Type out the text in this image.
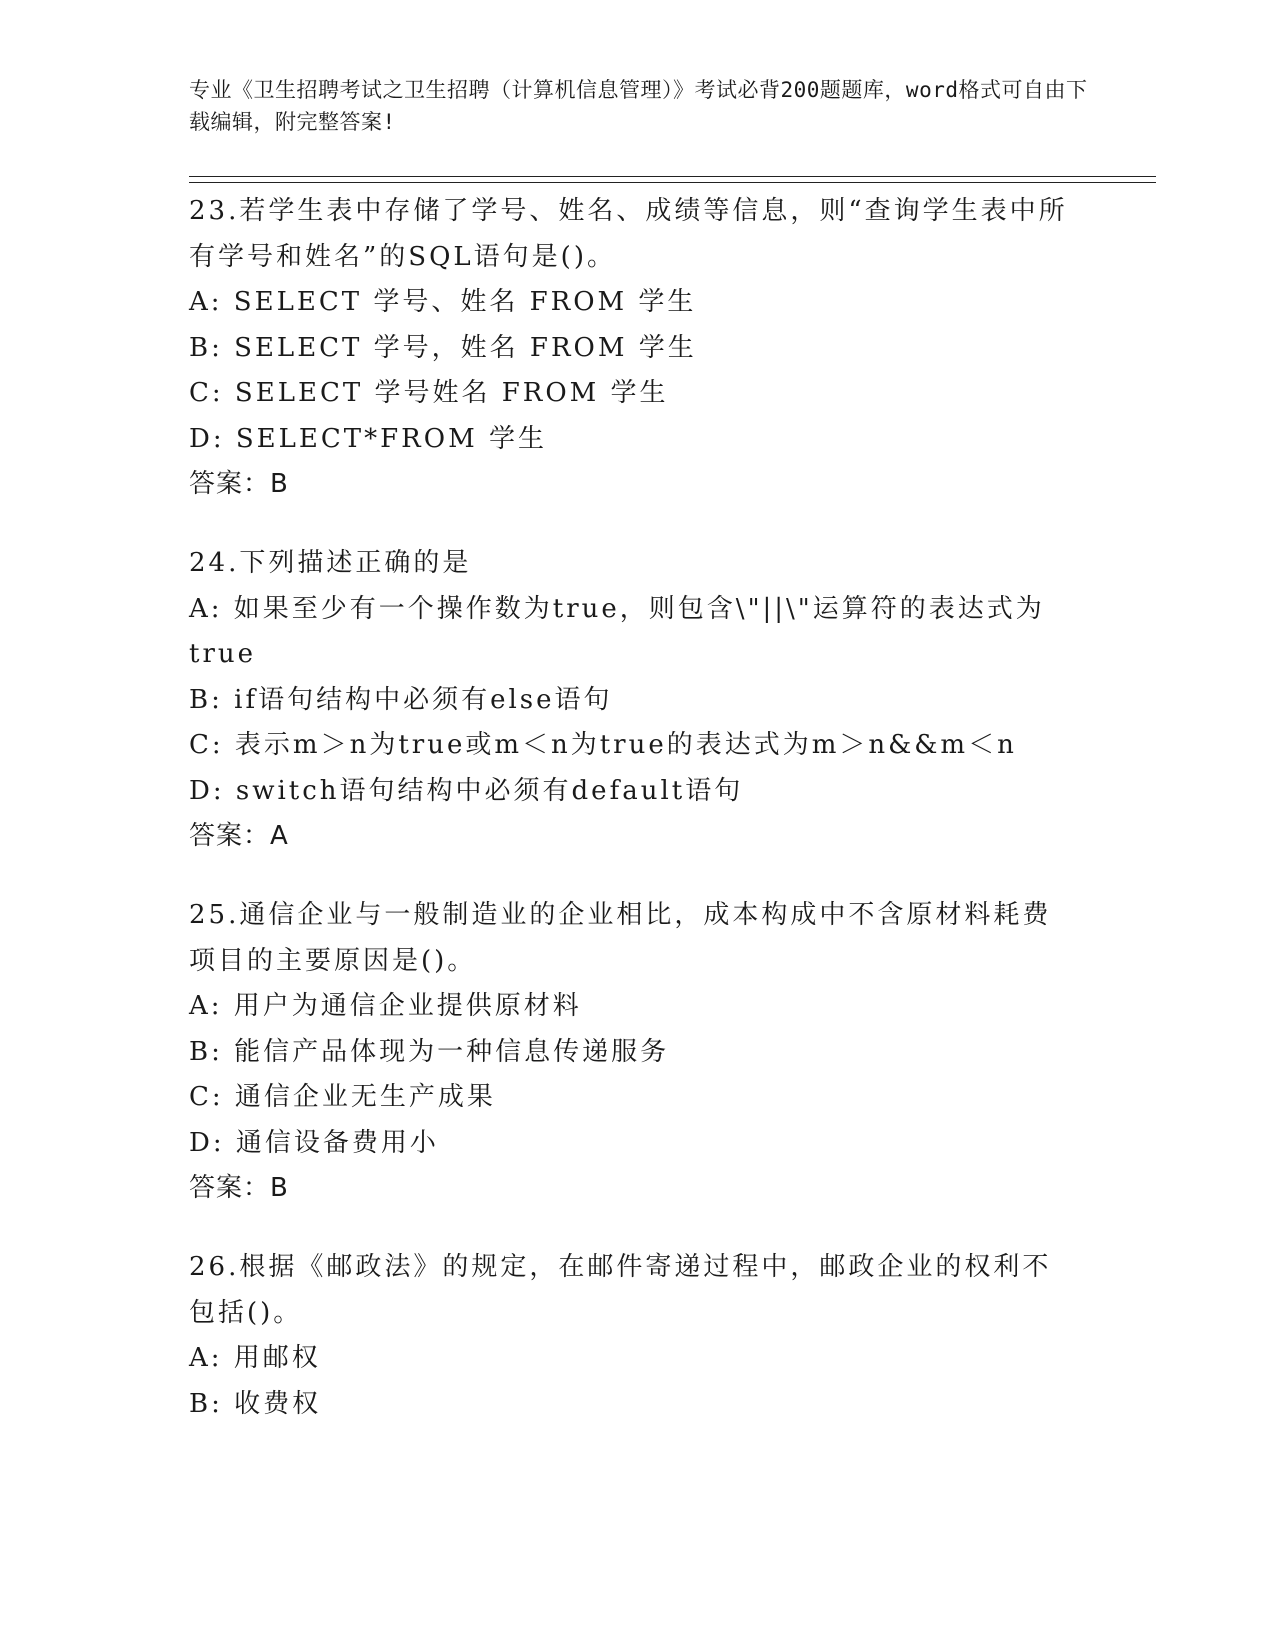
专业《卫生招聘考试之卫生招聘（计算机信息管理）》考试必背200题题库，word格式可自由下载编辑，附完整答案!
23.若学生表中存储了学号、姓名、成绩等信息，则“查询学生表中所有学号和姓名”的SQL语句是()。
A: SELECT 学号、姓名 FROM 学生
B: SELECT 学号，姓名 FROM 学生
C: SELECT 学号姓名 FROM 学生
D: SELECT*FROM 学生
答案：B
24.下列描述正确的是
A: 如果至少有一个操作数为true，则包含\"||\"运算符的表达式为true
B: if语句结构中必须有else语句
C: 表示m＞n为true或m＜n为true的表达式为m＞n&&m＜n
D: switch语句结构中必须有default语句
答案：A
25.通信企业与一般制造业的企业相比，成本构成中不含原材料耗费项目的主要原因是()。
A: 用户为通信企业提供原材料
B: 能信产品体现为一种信息传递服务
C: 通信企业无生产成果
D: 通信设备费用小
答案：B
26.根据《邮政法》的规定，在邮件寄递过程中，邮政企业的权利不包括()。
A: 用邮权
B: 收费权
